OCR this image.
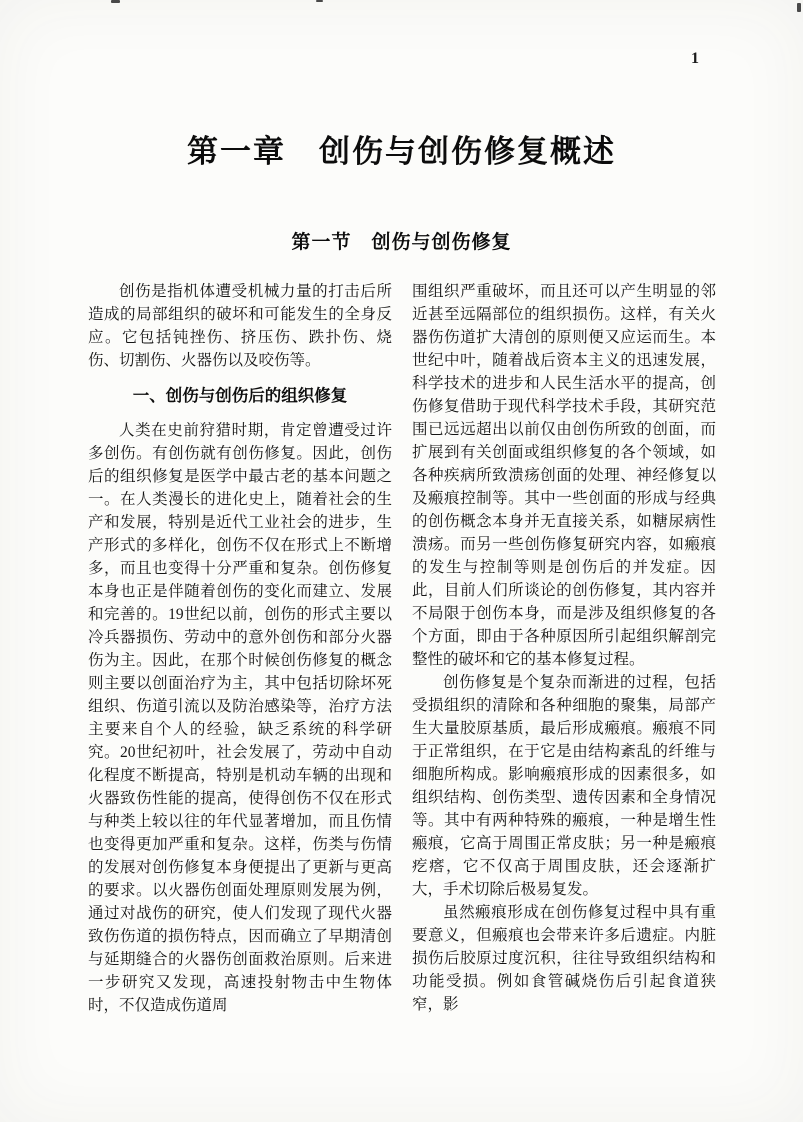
1
第一章　创伤与创伤修复概述
第一节　创伤与创伤修复

创伤是指机体遭受机械力量的打击后所造成的局部组织的破坏和可能发生的全身反应。它包括钝挫伤、挤压伤、跌扑伤、烧伤、切割伤、火器伤以及咬伤等。

一、创伤与创伤后的组织修复

人类在史前狩猎时期，肯定曾遭受过许多创伤。有创伤就有创伤修复。因此，创伤后的组织修复是医学中最古老的基本问题之一。在人类漫长的进化史上，随着社会的生产和发展，特别是近代工业社会的进步，生产形式的多样化，创伤不仅在形式上不断增多，而且也变得十分严重和复杂。创伤修复本身也正是伴随着创伤的变化而建立、发展和完善的。19世纪以前，创伤的形式主要以冷兵器损伤、劳动中的意外创伤和部分火器伤为主。因此，在那个时候创伤修复的概念则主要以创面治疗为主，其中包括切除坏死组织、伤道引流以及防治感染等，治疗方法主要来自个人的经验，缺乏系统的科学研究。20世纪初叶，社会发展了，劳动中自动化程度不断提高，特别是机动车辆的出现和火器致伤性能的提高，使得创伤不仅在形式与种类上较以往的年代显著增加，而且伤情也变得更加严重和复杂。这样，伤类与伤情的发展对创伤修复本身便提出了更新与更高的要求。以火器伤创面处理原则发展为例，通过对战伤的研究，使人们发现了现代火器致伤伤道的损伤特点，因而确立了早期清创与延期缝合的火器伤创面救治原则。后来进一步研究又发现，高速投射物击中生物体时，不仅造成伤道周

围组织严重破坏，而且还可以产生明显的邻近甚至远隔部位的组织损伤。这样，有关火器伤伤道扩大清创的原则便又应运而生。本世纪中叶，随着战后资本主义的迅速发展，科学技术的进步和人民生活水平的提高，创伤修复借助于现代科学技术手段，其研究范围已远远超出以前仅由创伤所致的创面，而扩展到有关创面或组织修复的各个领域，如各种疾病所致溃疡创面的处理、神经修复以及瘢痕控制等。其中一些创面的形成与经典的创伤概念本身并无直接关系，如糖尿病性溃疡。而另一些创伤修复研究内容，如瘢痕的发生与控制等则是创伤后的并发症。因此，目前人们所谈论的创伤修复，其内容并不局限于创伤本身，而是涉及组织修复的各个方面，即由于各种原因所引起组织解剖完整性的破坏和它的基本修复过程。

创伤修复是个复杂而渐进的过程，包括受损组织的清除和各种细胞的聚集，局部产生大量胶原基质，最后形成瘢痕。瘢痕不同于正常组织，在于它是由结构紊乱的纤维与细胞所构成。影响瘢痕形成的因素很多，如组织结构、创伤类型、遗传因素和全身情况等。其中有两种特殊的瘢痕，一种是增生性瘢痕，它高于周围正常皮肤；另一种是瘢痕疙瘩，它不仅高于周围皮肤，还会逐渐扩大，手术切除后极易复发。

虽然瘢痕形成在创伤修复过程中具有重要意义，但瘢痕也会带来许多后遗症。内脏损伤后胶原过度沉积，往往导致组织结构和功能受损。例如食管碱烧伤后引起食道狭窄，影
